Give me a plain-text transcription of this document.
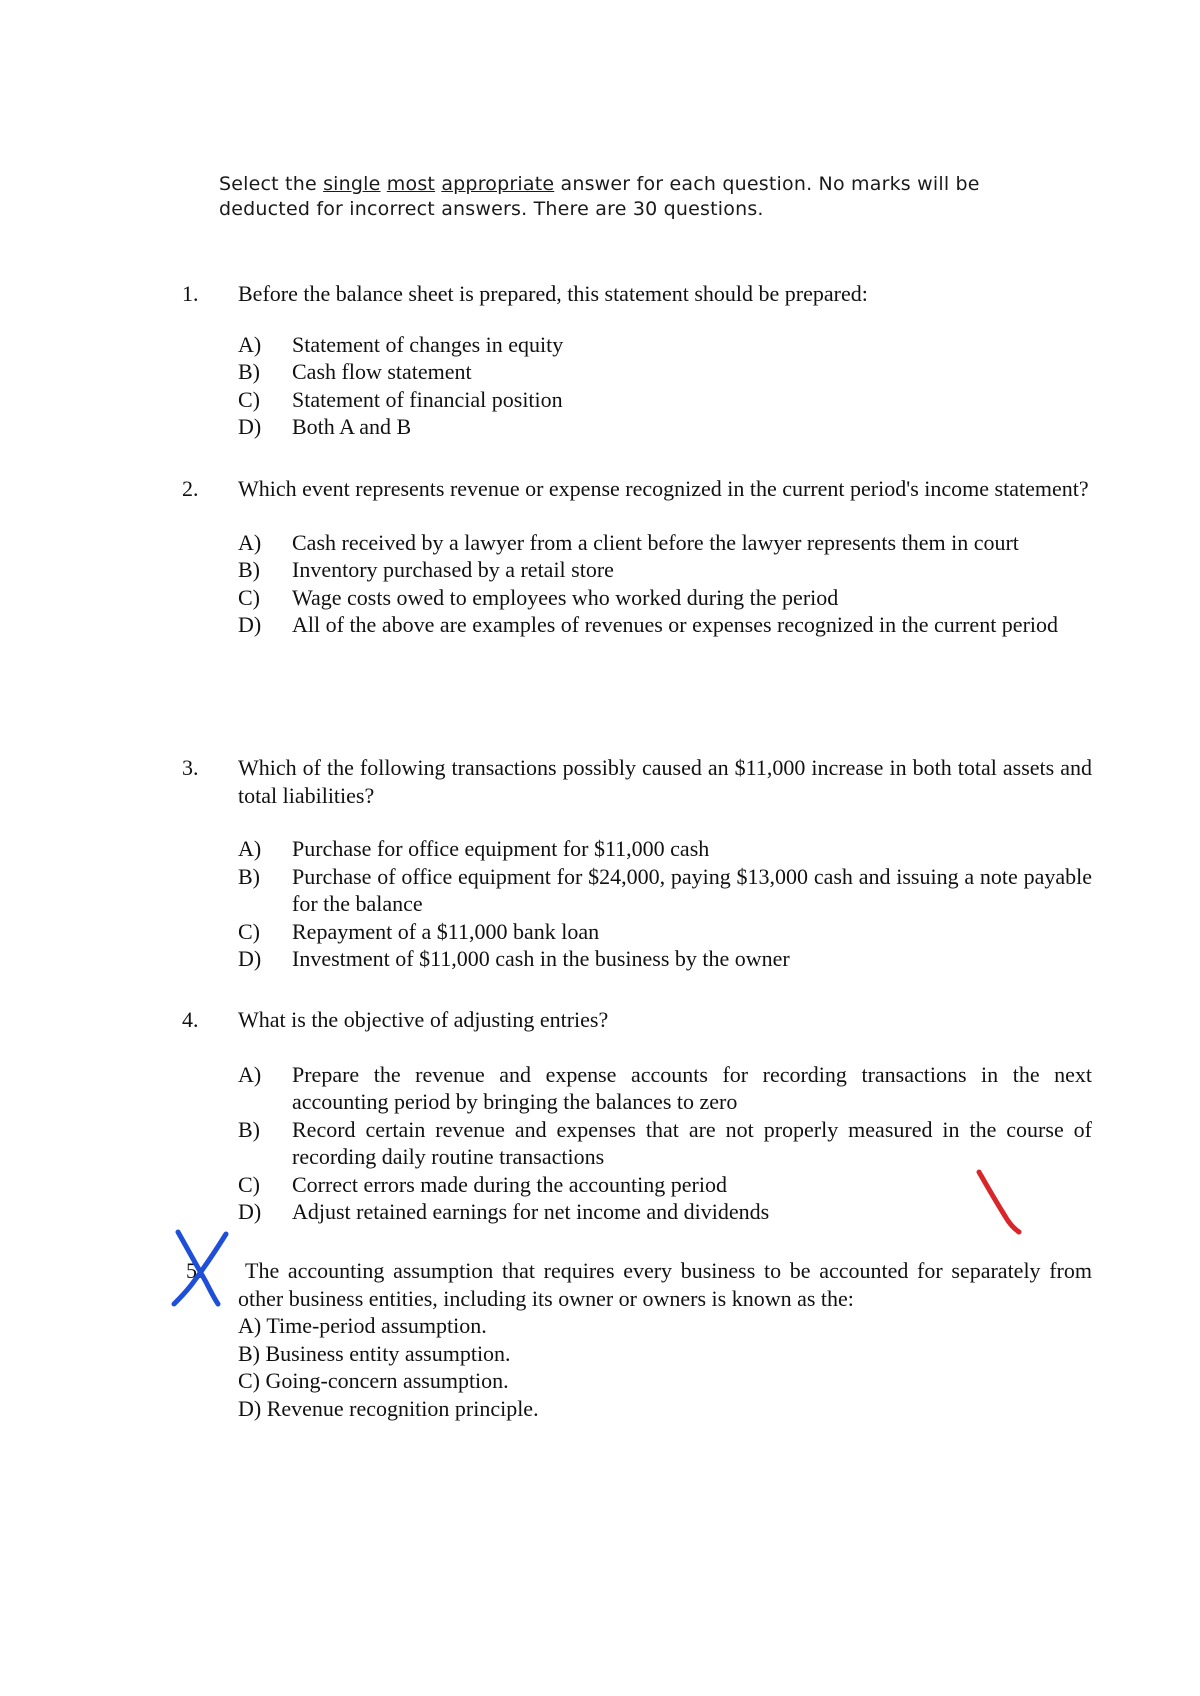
Select the single most appropriate answer for each question. No marks will be
deducted for incorrect answers. There are 30 questions.
1.	Before the balance sheet is prepared, this statement should be prepared:
A)	Statement of changes in equity
B)	Cash flow statement
C)	Statement of financial position
D)	Both A and B
2.	Which event represents revenue or expense recognized in the current period's income statement?
A)	Cash received by a lawyer from a client before the lawyer represents them in court
B)	Inventory purchased by a retail store
C)	Wage costs owed to employees who worked during the period
D)	All of the above are examples of revenues or expenses recognized in the current period
3.	Which of the following transactions possibly caused an $11,000 increase in both total assets and total liabilities?
A)	Purchase for office equipment for $11,000 cash
B)	Purchase of office equipment for $24,000, paying $13,000 cash and issuing a note payable for the balance
C)	Repayment of a $11,000 bank loan
D)	Investment of $11,000 cash in the business by the owner
4.	What is the objective of adjusting entries?
A)	Prepare the revenue and expense accounts for recording transactions in the next accounting period by bringing the balances to zero
B)	Record certain revenue and expenses that are not properly measured in the course of recording daily routine transactions
C)	Correct errors made during the accounting period
D)	Adjust retained earnings for net income and dividends
5.	The accounting assumption that requires every business to be accounted for separately from other business entities, including its owner or owners is known as the:
A) Time-period assumption.
B) Business entity assumption.
C) Going-concern assumption.
D) Revenue recognition principle.
